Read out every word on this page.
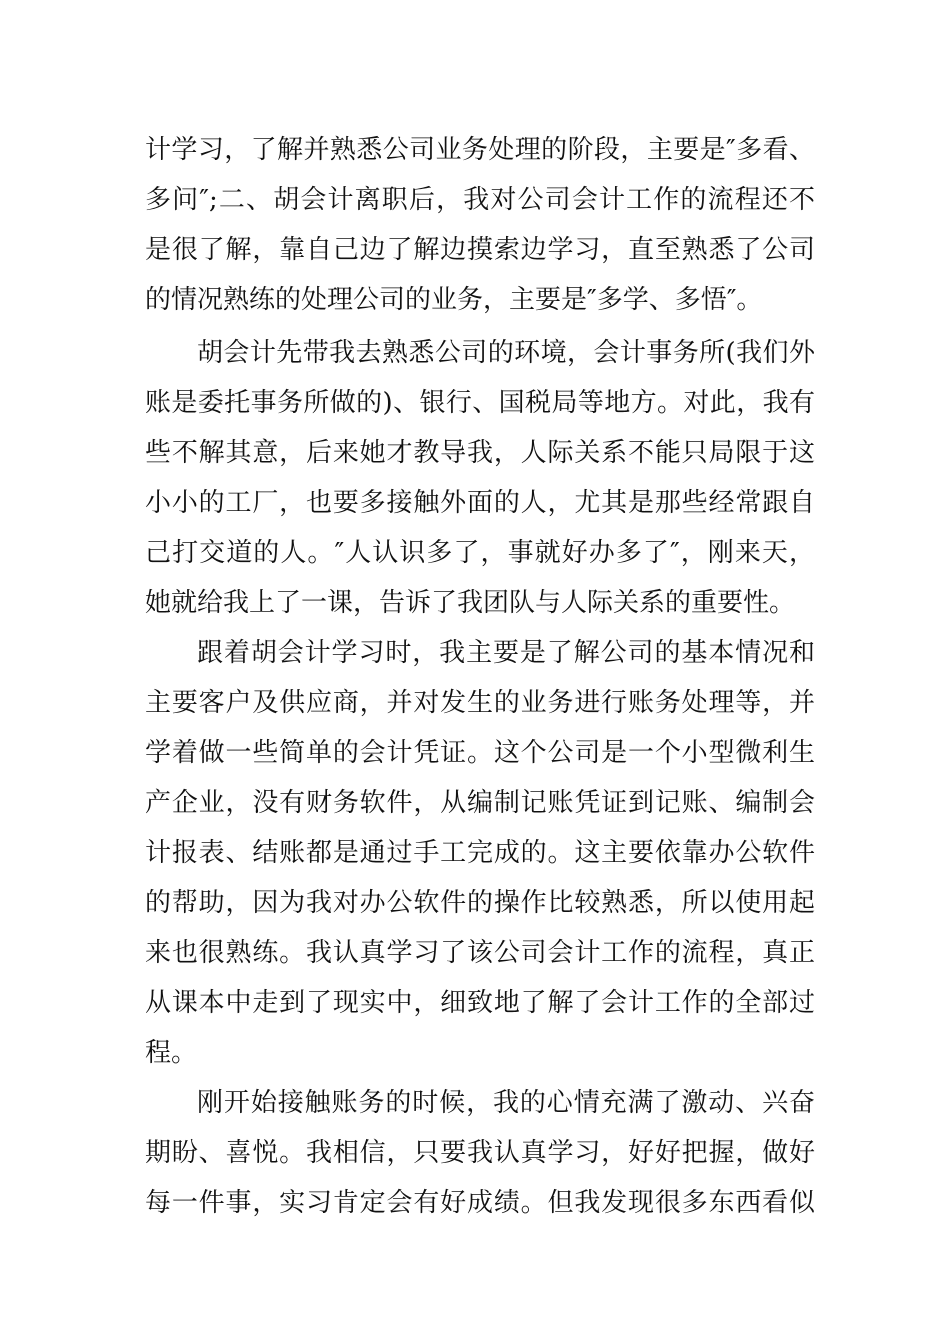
计学习，了解并熟悉公司业务处理的阶段，主要是″多看、
多问″;二、胡会计离职后，我对公司会计工作的流程还不
是很了解，靠自己边了解边摸索边学习，直至熟悉了公司
的情况熟练的处理公司的业务，主要是″多学、多悟″。
胡会计先带我去熟悉公司的环境，会计事务所(我们外
账是委托事务所做的)、银行、国税局等地方。对此，我有
些不解其意，后来她才教导我，人际关系不能只局限于这
小小的工厂，也要多接触外面的人，尤其是那些经常跟自
己打交道的人。″人认识多了，事就好办多了″，刚来天，
她就给我上了一课，告诉了我团队与人际关系的重要性。
跟着胡会计学习时，我主要是了解公司的基本情况和
主要客户及供应商，并对发生的业务进行账务处理等，并
学着做一些简单的会计凭证。这个公司是一个小型微利生
产企业，没有财务软件，从编制记账凭证到记账、编制会
计报表、结账都是通过手工完成的。这主要依靠办公软件
的帮助，因为我对办公软件的操作比较熟悉，所以使用起
来也很熟练。我认真学习了该公司会计工作的流程，真正
从课本中走到了现实中，细致地了解了会计工作的全部过
程。
刚开始接触账务的时候，我的心情充满了激动、兴奋
期盼、喜悦。我相信，只要我认真学习，好好把握，做好
每一件事，实习肯定会有好成绩。但我发现很多东西看似
